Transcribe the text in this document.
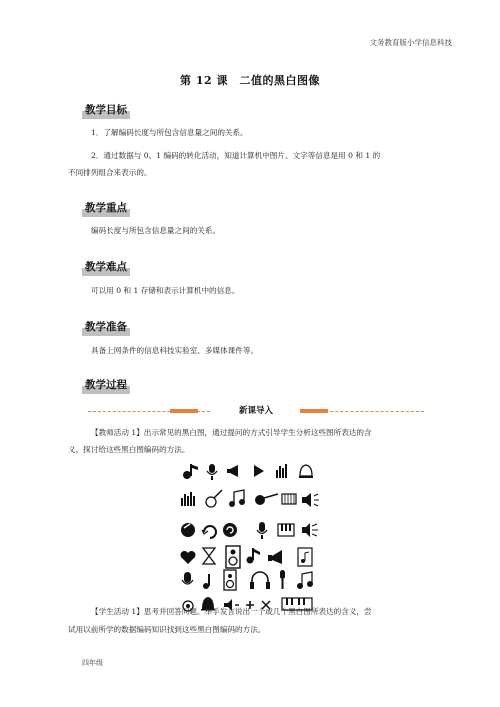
文务教育版小学信息科技
第 12 课　二值的黑白图像
教学目标
1．了解编码长度与所包含信息量之间的关系。
2．通过数据与 0、1 编码的转化活动，知道计算机中图片、文字等信息是用 0 和 1 的
不同排列组合来表示的。
教学重点
编码长度与所包含信息量之间的关系。
教学难点
可以用 0 和 1 存储和表示计算机中的信息。
教学准备
具备上网条件的信息科技实验室、多媒体课件等。
教学过程
新课导入
【教师活动 1】出示常见的黑白图，通过提问的方式引导学生分析这些图所表达的含
义，探讨给这些黑白图编码的方法。
【学生活动 1】思考并回答问题。举手发言说出一个或几个黑白图所表达的含义，尝
试用以前所学的数据编码知识找到这些黑白图编码的方法。
四年级
